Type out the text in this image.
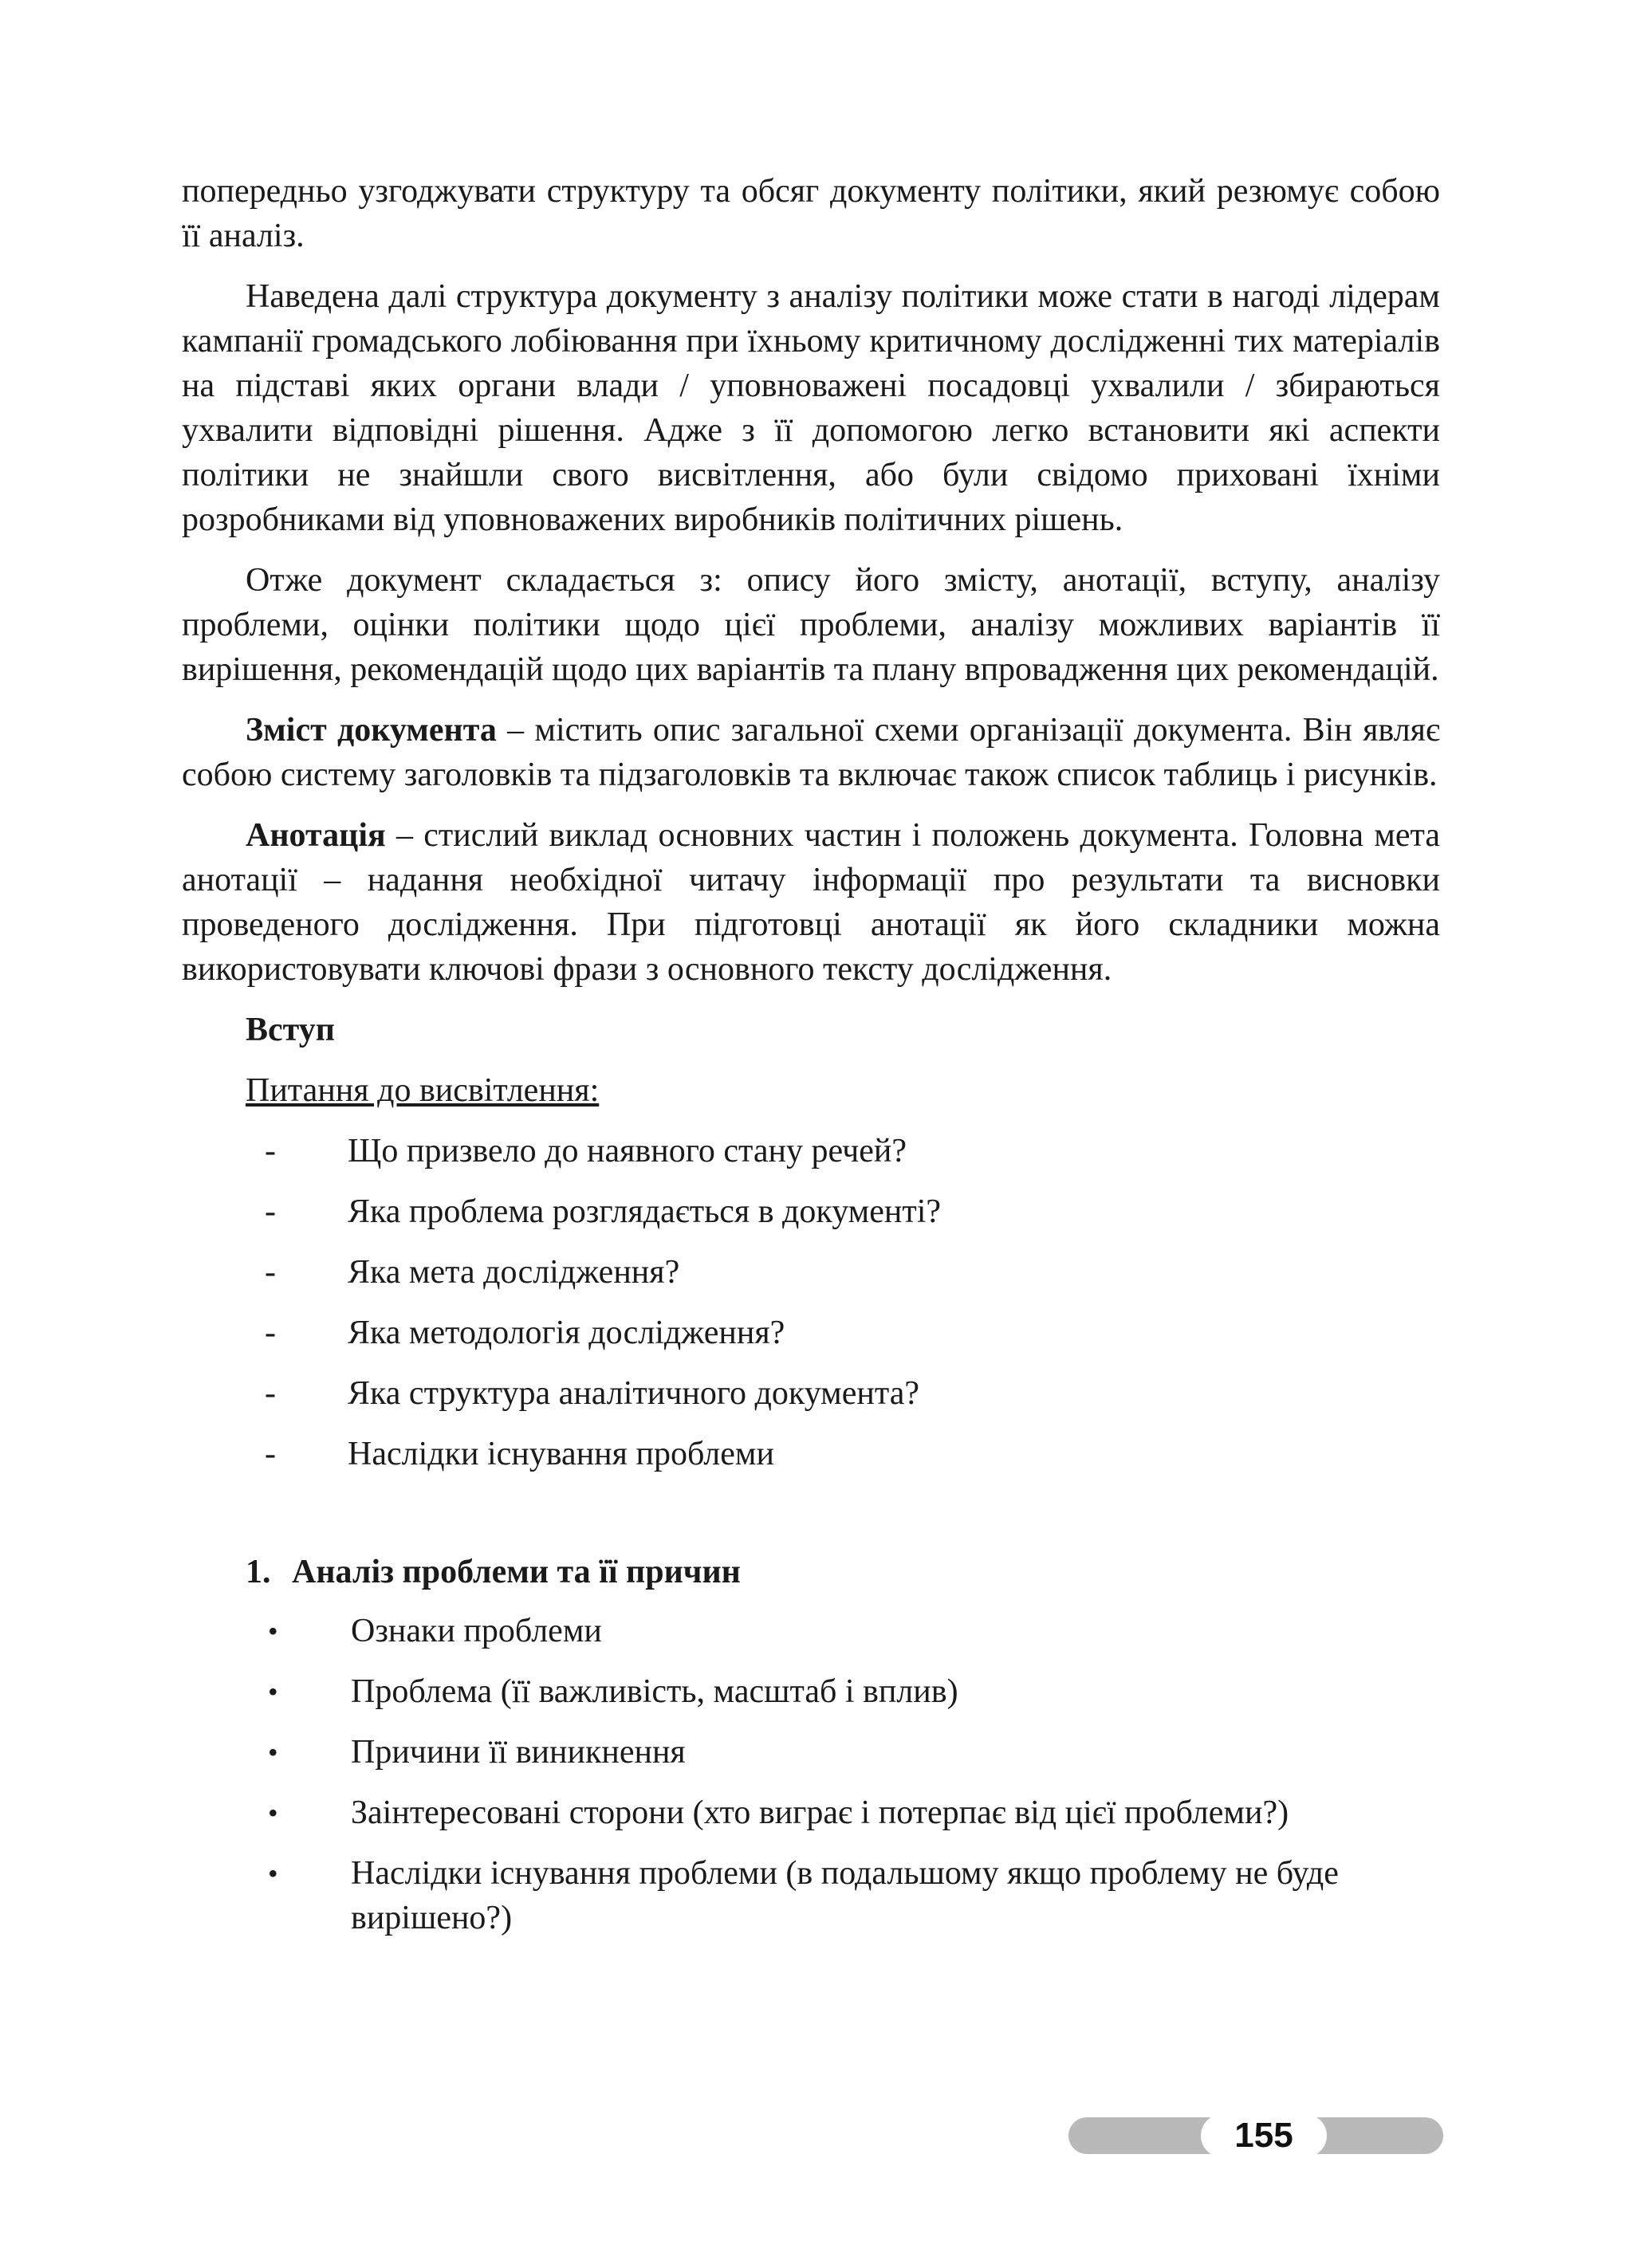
попередньо узгоджувати структуру та обсяг документу політики, який резюмує собою її аналіз.

Наведена далі структура документу з аналізу політики може стати в нагоді лідерам кампанії громадського лобіювання при їхньому критичному дослідженні тих матеріалів на підставі яких органи влади / уповноважені посадовці ухвалили / збираються ухвалити відповідні рішення. Адже з її допомогою легко встановити які аспекти політики не знайшли свого висвітлення, або були свідомо приховані їхніми розробниками від уповноважених виробників політичних рішень.

Отже документ складається з: опису його змісту, анотації, вступу, аналізу проблеми, оцінки політики щодо цієї проблеми, аналізу можливих варіантів її вирішення, рекомендацій щодо цих варіантів та плану впровадження цих рекомендацій.

Зміст документа – містить опис загальної схеми організації документа. Він являє собою систему заголовків та підзаголовків та включає також список таблиць і рисунків.

Анотація – стислий виклад основних частин і положень документа. Головна мета анотації – надання необхідної читачу інформації про результати та висновки проведеного дослідження. При підготовці анотації як його складники можна використовувати ключові фрази з основного тексту дослідження.

Вступ

Питання до висвітлення:

-	Що призвело до наявного стану речей?
-	Яка проблема розглядається в документі?
-	Яка мета дослідження?
-	Яка методологія дослідження?
-	Яка структура аналітичного документа?
-	Наслідки існування проблеми
1. Аналіз проблеми та її причин
•	Ознаки проблеми
•	Проблема (її важливість, масштаб і вплив)
•	Причини її виникнення
•	Заінтересовані сторони (хто виграє і потерпає від цієї проблеми?)
•	Наслідки існування проблеми (в подальшому якщо проблему не буде вирішено?)
155
